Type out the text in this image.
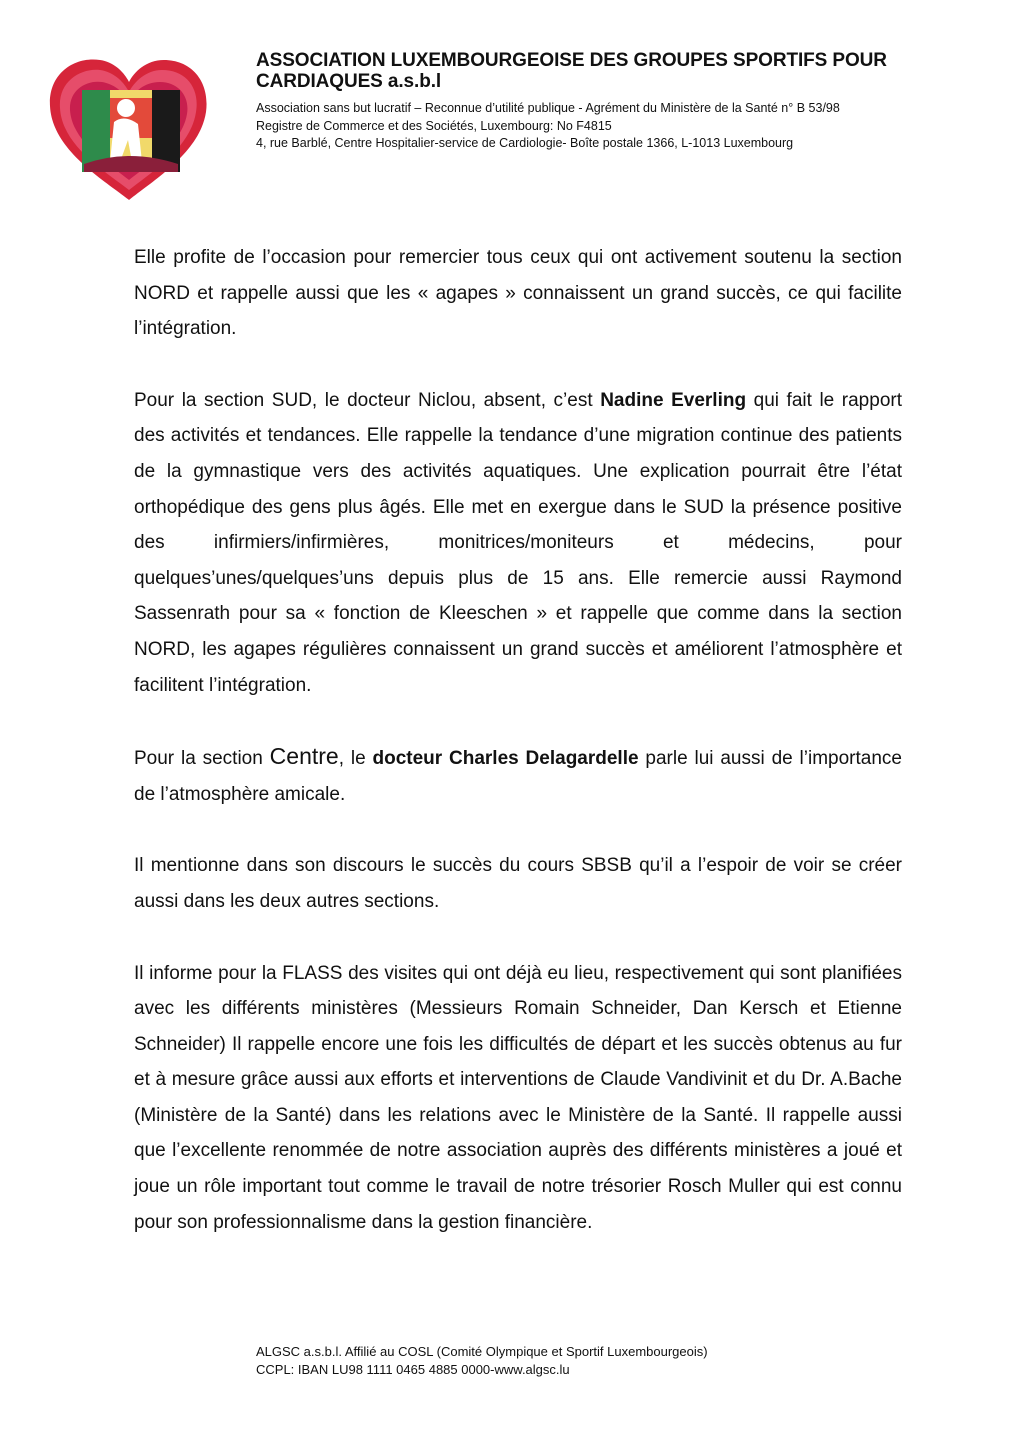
ASSOCIATION LUXEMBOURGEOISE DES GROUPES SPORTIFS POUR
CARDIAQUES a.s.b.l
Association sans but lucratif – Reconnue d’utilité publique - Agrément du Ministère de la Santé n° B 53/98
Registre de Commerce et des Sociétés, Luxembourg: No F4815
4, rue Barblé, Centre Hospitalier-service de Cardiologie- Boîte postale 1366, L-1013 Luxembourg

Elle profite de l’occasion pour remercier tous ceux qui ont activement soutenu la section NORD et rappelle aussi que les « agapes » connaissent un grand succès, ce qui facilite l’intégration.

Pour la section SUD, le docteur Niclou, absent, c’est Nadine Everling qui fait le rapport des activités et tendances. Elle rappelle la tendance d’une migration continue des patients de la gymnastique vers des activités aquatiques. Une explication pourrait être l’état orthopédique des gens plus âgés. Elle met en exergue dans le SUD la présence positive des infirmiers/infirmières, monitrices/moniteurs et médecins, pour quelques’unes/quelques’uns depuis plus de 15 ans. Elle remercie aussi Raymond Sassenrath pour sa « fonction de Kleeschen » et rappelle que comme dans la section NORD, les agapes régulières connaissent un grand succès et améliorent l’atmosphère et facilitent l’intégration.

Pour la section Centre, le docteur Charles Delagardelle parle lui aussi de l’importance de l’atmosphère amicale.

Il mentionne dans son discours le succès du cours SBSB qu’il a l’espoir de voir se créer aussi dans les deux autres sections.

Il informe pour la FLASS des visites qui ont déjà eu lieu, respectivement qui sont planifiées avec les différents ministères (Messieurs Romain Schneider, Dan Kersch et Etienne Schneider) Il rappelle encore une fois les difficultés de départ et les succès obtenus au fur et à mesure grâce aussi aux efforts et interventions de Claude Vandivinit et du Dr. A.Bache (Ministère de la Santé) dans les relations avec le Ministère de la Santé. Il rappelle aussi que l’excellente renommée de notre association auprès des différents ministères a joué et joue un rôle important tout comme le travail de notre trésorier Rosch Muller qui est connu pour son professionnalisme dans la gestion financière.

ALGSC a.s.b.l. Affilié au COSL (Comité Olympique et Sportif Luxembourgeois)
CCPL: IBAN LU98 1111 0465 4885 0000-www.algsc.lu
